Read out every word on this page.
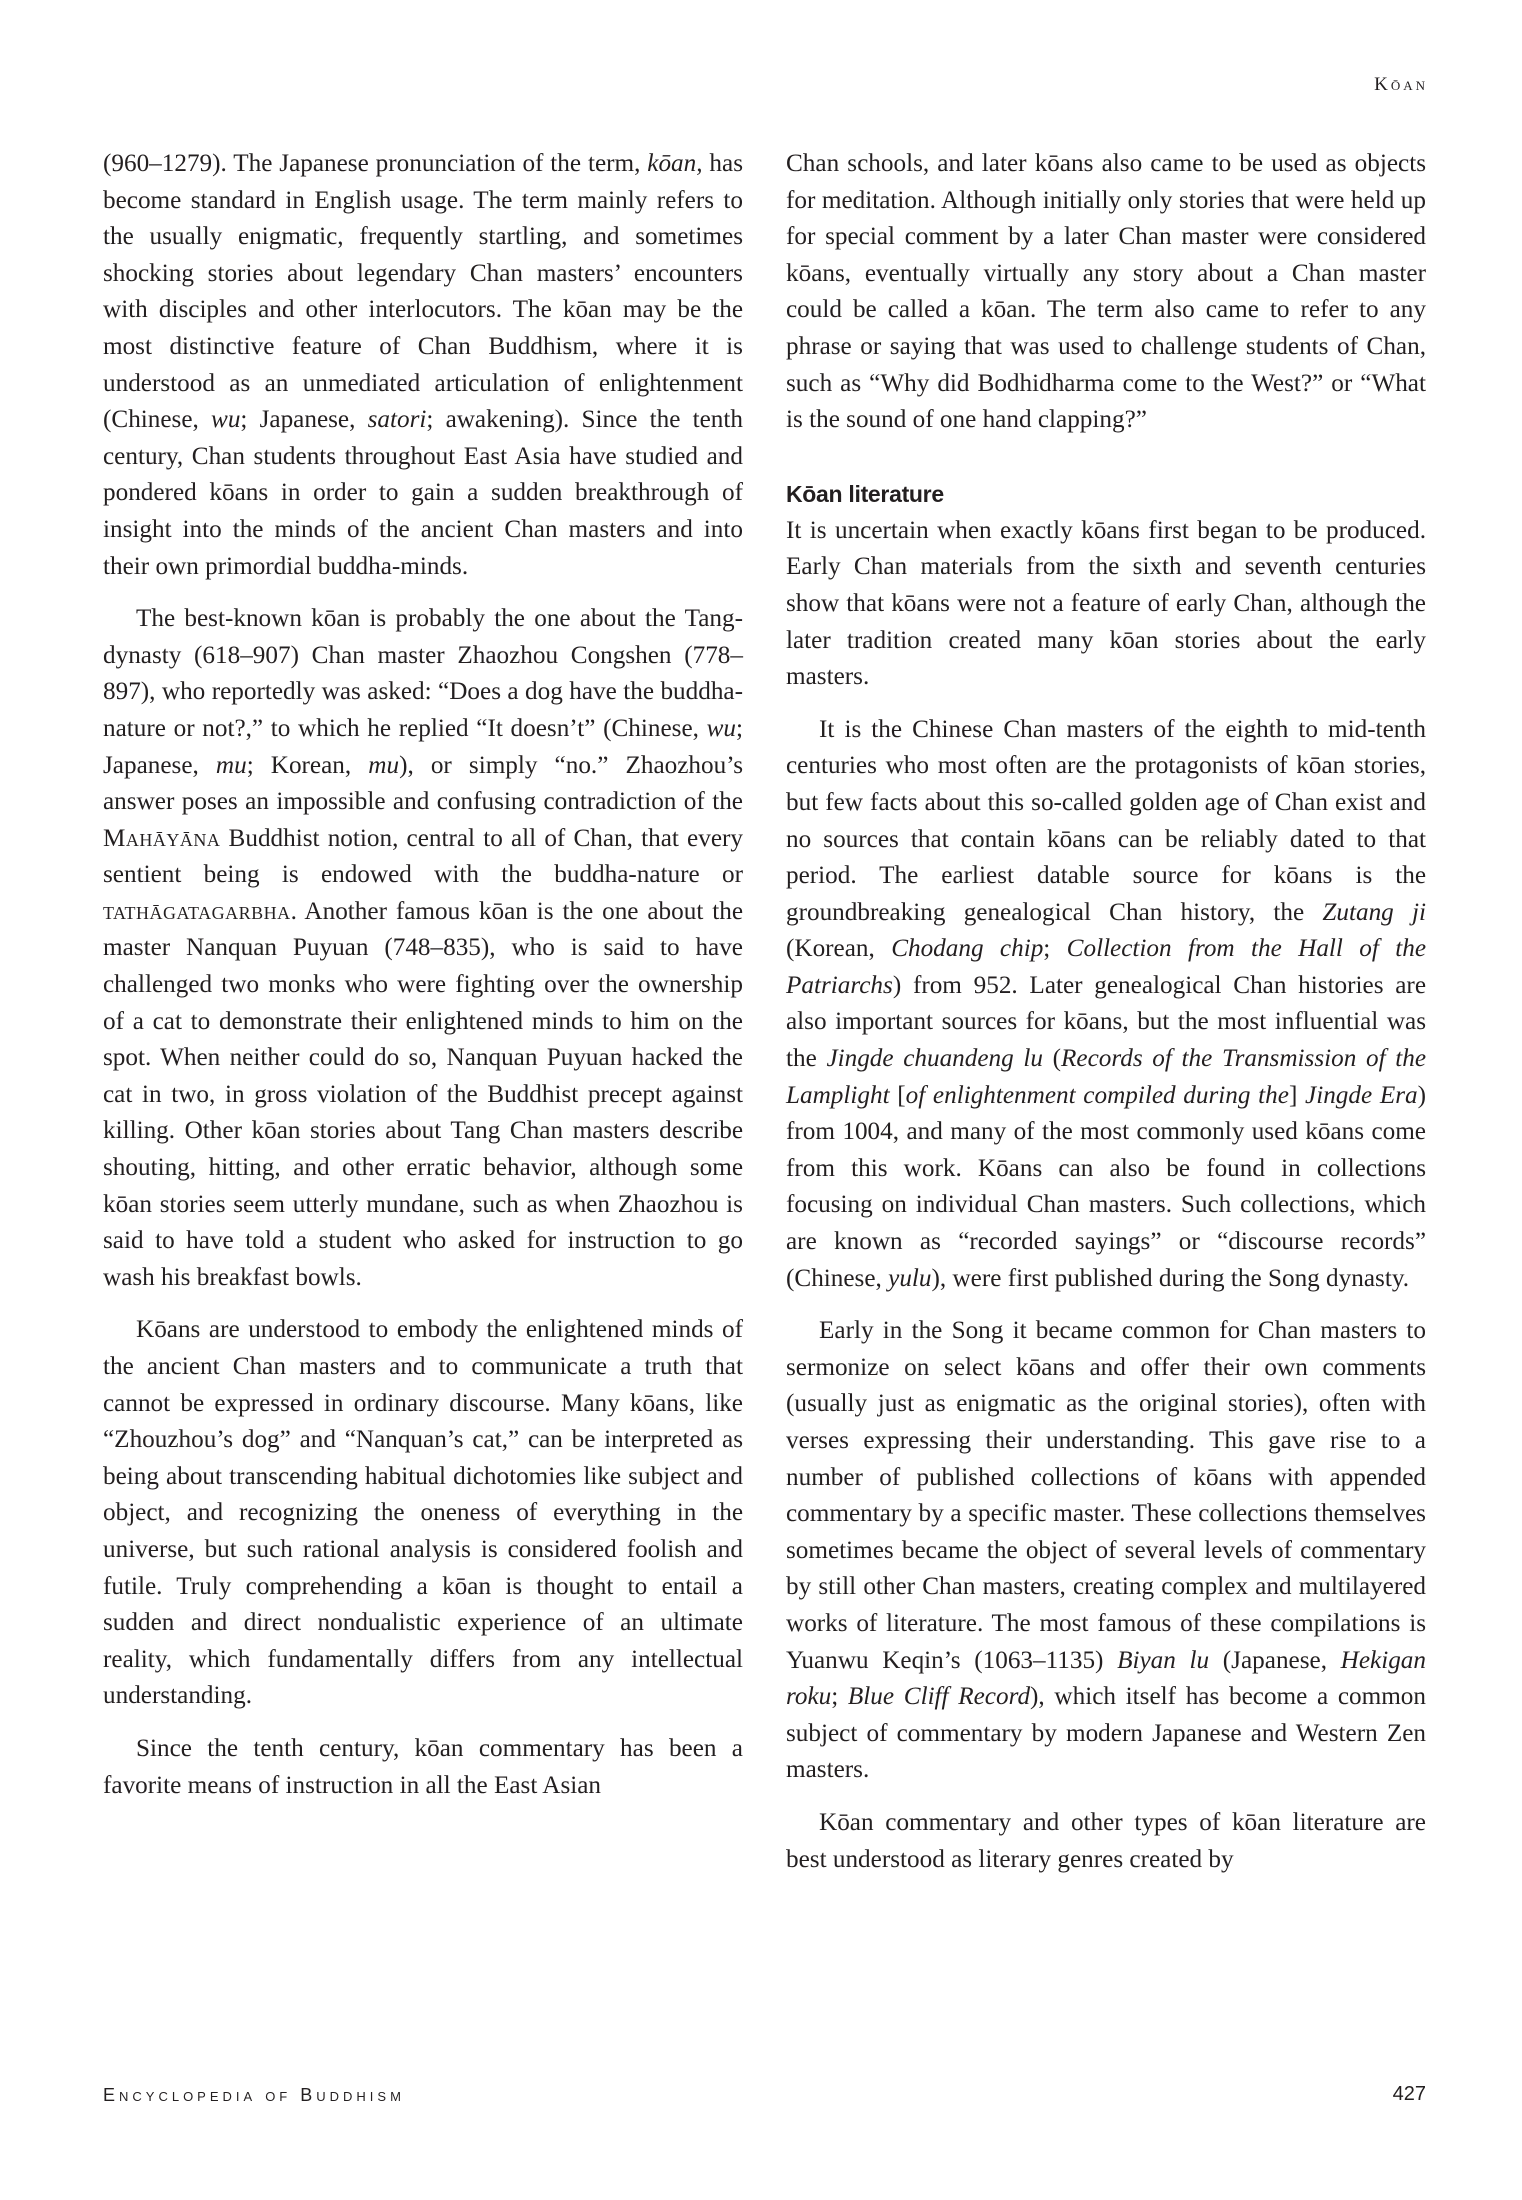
Kōan

(960–1279). The Japanese pronunciation of the term, kōan, has become standard in English usage. The term mainly refers to the usually enigmatic, frequently startling, and sometimes shocking stories about legendary Chan masters’ encounters with disciples and other interlocutors. The kōan may be the most distinctive feature of Chan Buddhism, where it is understood as an unmediated articulation of enlightenment (Chinese, wu; Japanese, satori; awakening). Since the tenth century, Chan students throughout East Asia have studied and pondered kōans in order to gain a sudden breakthrough of insight into the minds of the ancient Chan masters and into their own primordial buddha-minds.

The best-known kōan is probably the one about the Tang-dynasty (618–907) Chan master Zhaozhou Congshen (778–897), who reportedly was asked: “Does a dog have the buddha-nature or not?,” to which he replied “It doesn’t” (Chinese, wu; Japanese, mu; Korean, mu), or simply “no.” Zhaozhou’s answer poses an impossible and confusing contradiction of the Mahāyāna Buddhist notion, central to all of Chan, that every sentient being is endowed with the buddha-nature or tathāgatagarbha. Another famous kōan is the one about the master Nanquan Puyuan (748–835), who is said to have challenged two monks who were fighting over the ownership of a cat to demonstrate their enlightened minds to him on the spot. When neither could do so, Nanquan Puyuan hacked the cat in two, in gross violation of the Buddhist precept against killing. Other kōan stories about Tang Chan masters describe shouting, hitting, and other erratic behavior, although some kōan stories seem utterly mundane, such as when Zhaozhou is said to have told a student who asked for instruction to go wash his breakfast bowls.

Kōans are understood to embody the enlightened minds of the ancient Chan masters and to communicate a truth that cannot be expressed in ordinary discourse. Many kōans, like “Zhouzhou’s dog” and “Nanquan’s cat,” can be interpreted as being about transcending habitual dichotomies like subject and object, and recognizing the oneness of everything in the universe, but such rational analysis is considered foolish and futile. Truly comprehending a kōan is thought to entail a sudden and direct nondualistic experience of an ultimate reality, which fundamentally differs from any intellectual understanding.

Since the tenth century, kōan commentary has been a favorite means of instruction in all the East Asian

Chan schools, and later kōans also came to be used as objects for meditation. Although initially only stories that were held up for special comment by a later Chan master were considered kōans, eventually virtually any story about a Chan master could be called a kōan. The term also came to refer to any phrase or saying that was used to challenge students of Chan, such as “Why did Bodhidharma come to the West?” or “What is the sound of one hand clapping?”

Kōan literature

It is uncertain when exactly kōans first began to be produced. Early Chan materials from the sixth and seventh centuries show that kōans were not a feature of early Chan, although the later tradition created many kōan stories about the early masters.

It is the Chinese Chan masters of the eighth to mid-tenth centuries who most often are the protagonists of kōan stories, but few facts about this so-called golden age of Chan exist and no sources that contain kōans can be reliably dated to that period. The earliest datable source for kōans is the groundbreaking genealogical Chan history, the Zutang ji (Korean, Chodang chip; Collection from the Hall of the Patriarchs) from 952. Later genealogical Chan histories are also important sources for kōans, but the most influential was the Jingde chuandeng lu (Records of the Transmission of the Lamplight [of enlightenment compiled during the] Jingde Era) from 1004, and many of the most commonly used kōans come from this work. Kōans can also be found in collections focusing on individual Chan masters. Such collections, which are known as “recorded sayings” or “discourse records” (Chinese, yulu), were first published during the Song dynasty.

Early in the Song it became common for Chan masters to sermonize on select kōans and offer their own comments (usually just as enigmatic as the original stories), often with verses expressing their understanding. This gave rise to a number of published collections of kōans with appended commentary by a specific master. These collections themselves sometimes became the object of several levels of commentary by still other Chan masters, creating complex and multilayered works of literature. The most famous of these compilations is Yuanwu Keqin’s (1063–1135) Biyan lu (Japanese, Hekigan roku; Blue Cliff Record), which itself has become a common subject of commentary by modern Japanese and Western Zen masters.

Kōan commentary and other types of kōan literature are best understood as literary genres created by

Encyclopedia of Buddhism	427
